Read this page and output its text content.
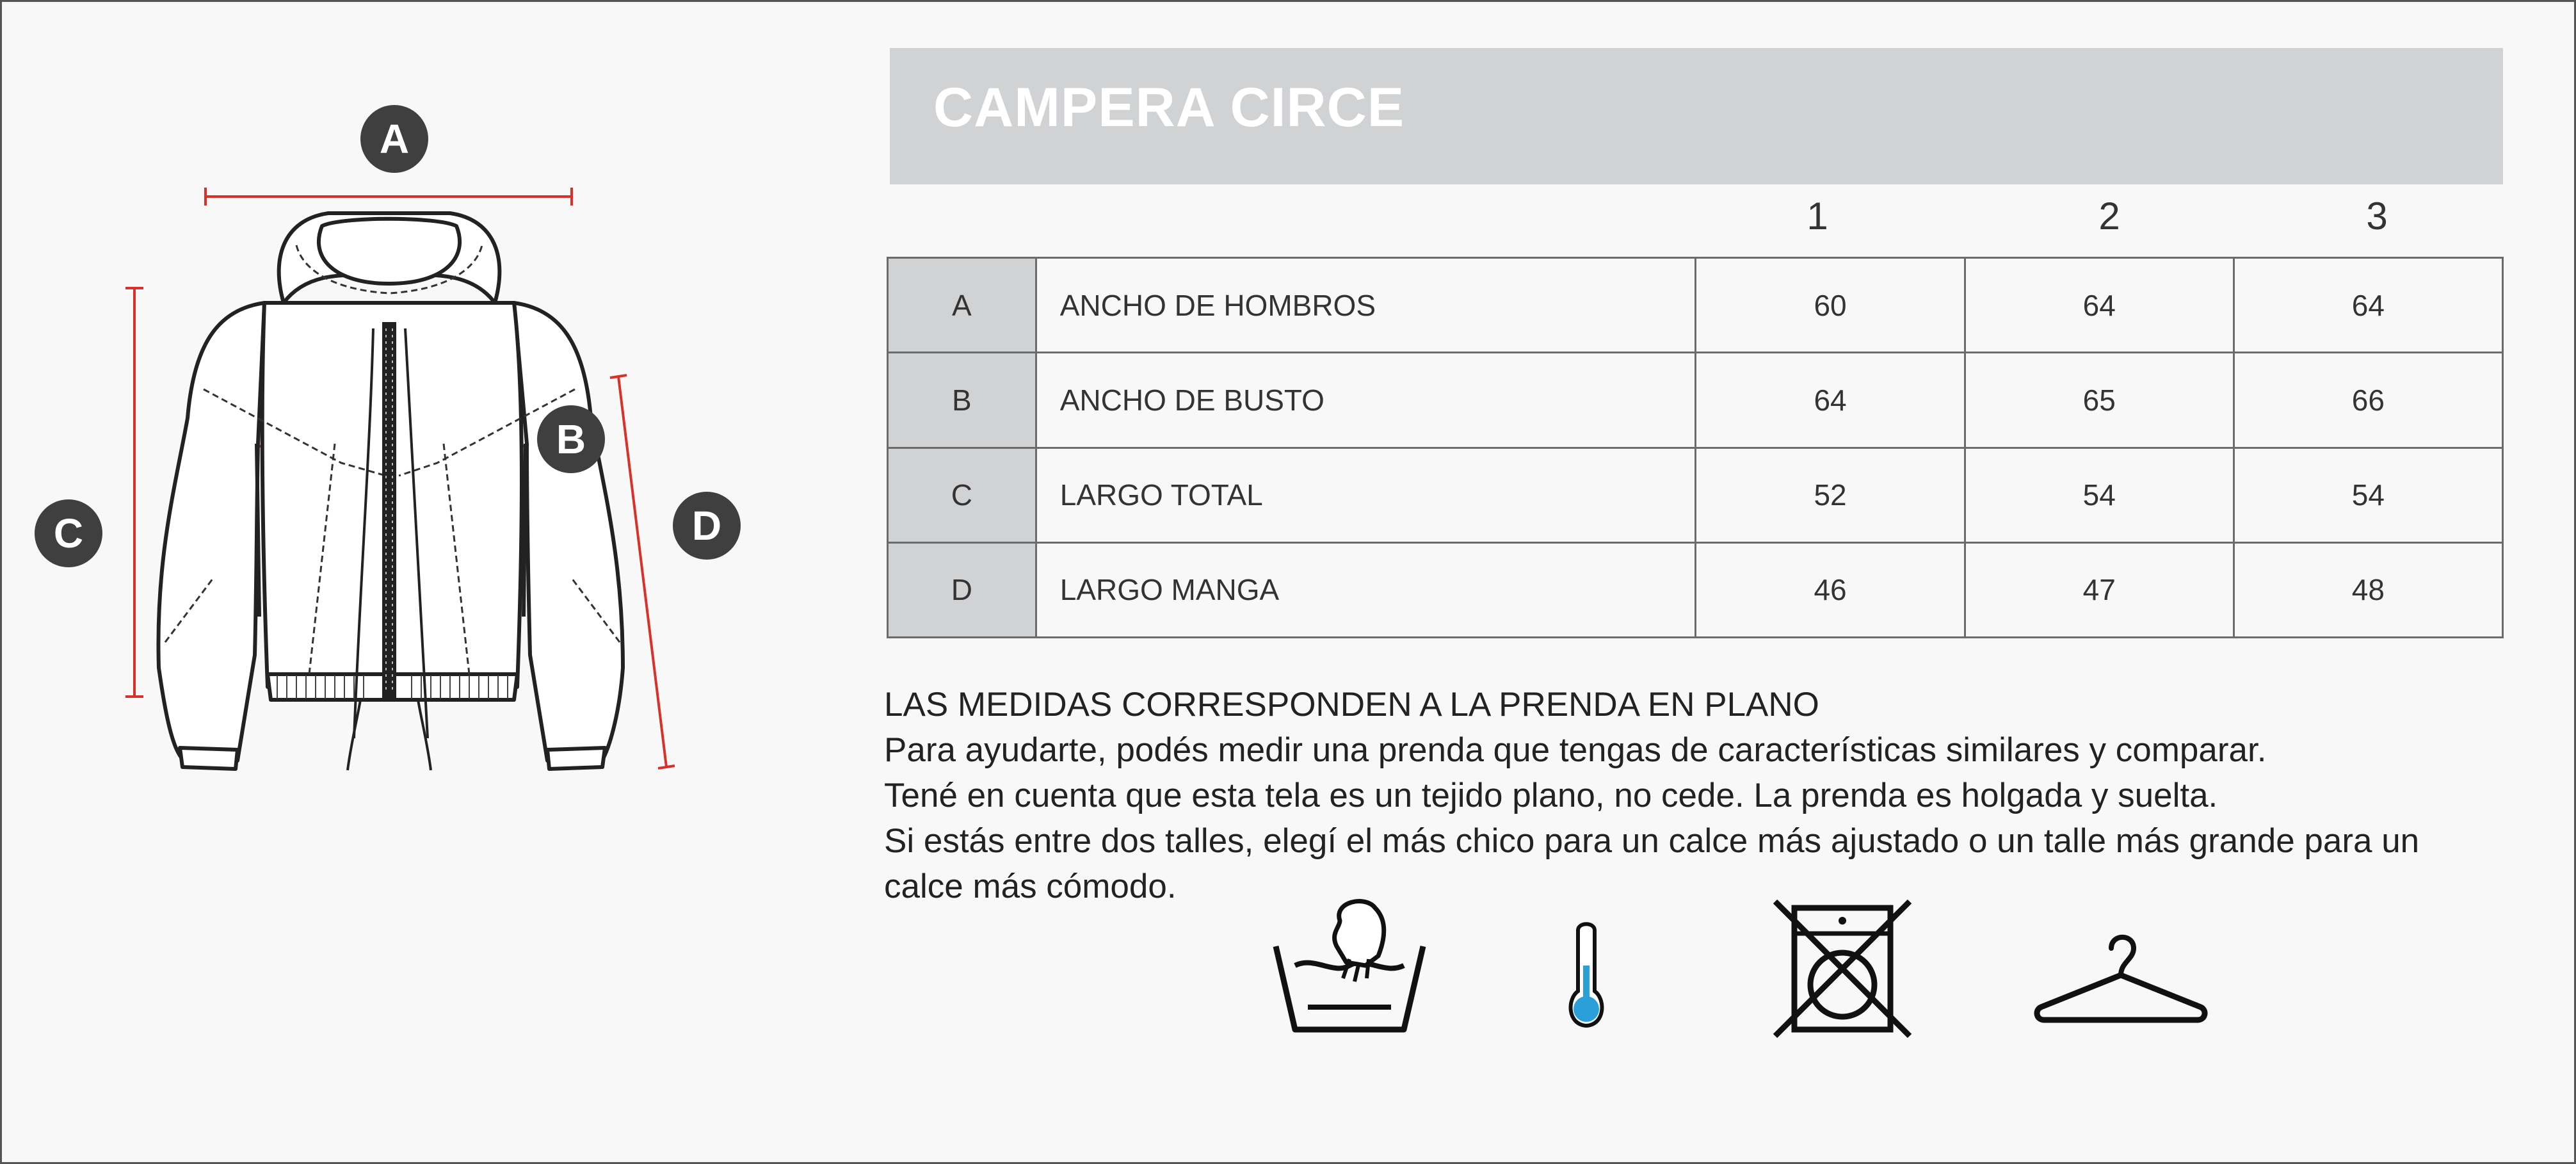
A
B
C	D
CAMPERA CIRCE
1	2	3
A	ANCHO DE HOMBROS	60	64	64
B	ANCHO DE BUSTO	64	65	66
C	LARGO TOTAL	52	54	54
D	LARGO MANGA	46	47	48
LAS MEDIDAS CORRESPONDEN A LA PRENDA EN PLANO
Para ayudarte, podés medir una prenda que tengas de características similares y comparar.
Tené en cuenta que esta tela es un tejido plano, no cede. La prenda es holgada y suelta.
Si estás entre dos talles, elegí el más chico para un calce más ajustado o un talle más grande para un calce más cómodo.
